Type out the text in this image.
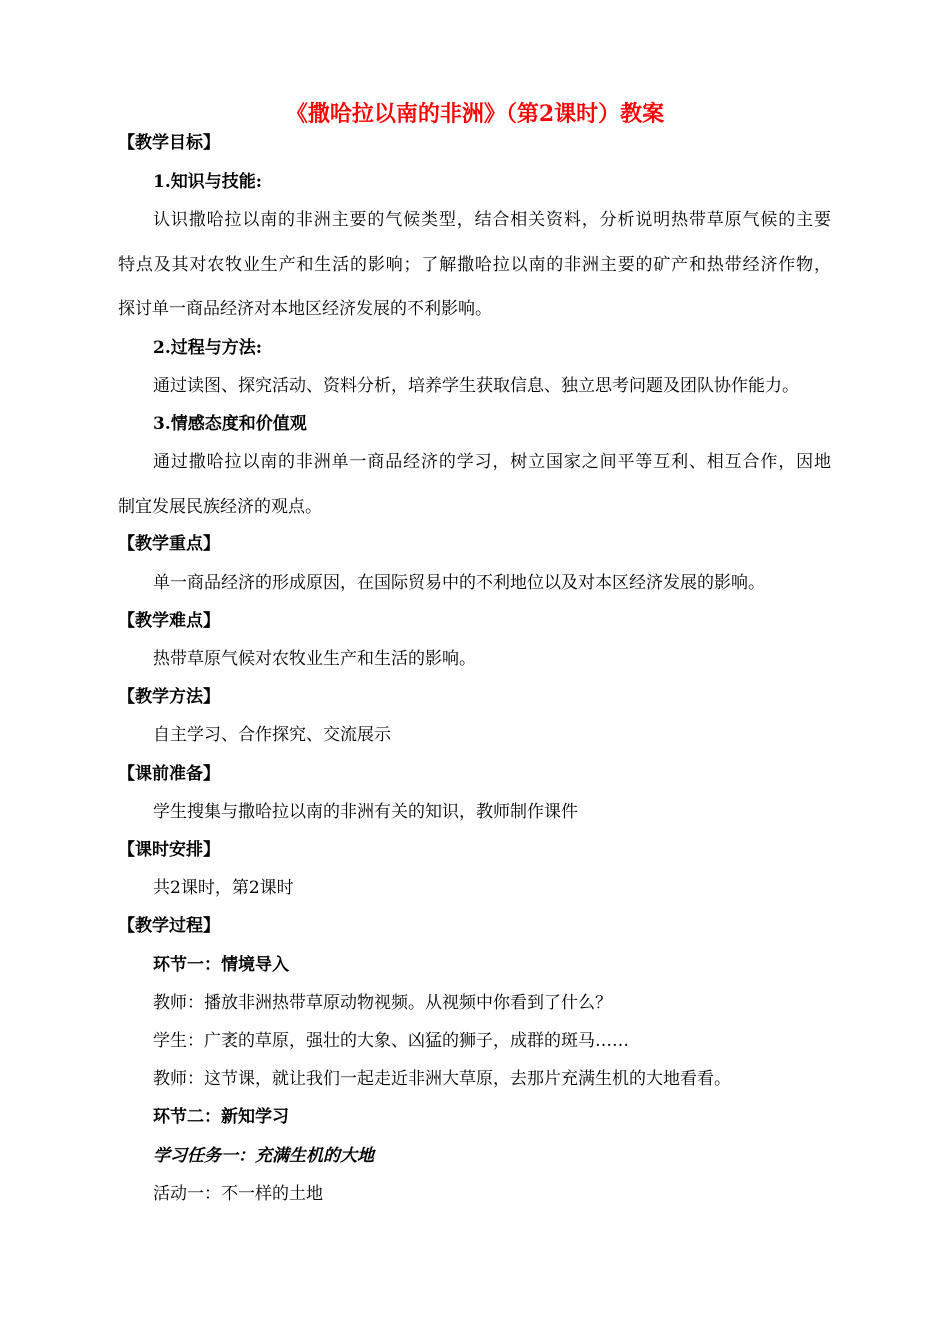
《撒哈拉以南的非洲》（第2课时）教案
【教学目标】
1.知识与技能:
认识撒哈拉以南的非洲主要的气候类型，结合相关资料，分析说明热带草原气候的主要
特点及其对农牧业生产和生活的影响；了解撒哈拉以南的非洲主要的矿产和热带经济作物，
探讨单一商品经济对本地区经济发展的不利影响。
2.过程与方法:
通过读图、探究活动、资料分析，培养学生获取信息、独立思考问题及团队协作能力。
3.情感态度和价值观
通过撒哈拉以南的非洲单一商品经济的学习，树立国家之间平等互利、相互合作，因地
制宜发展民族经济的观点。
【教学重点】
单一商品经济的形成原因，在国际贸易中的不利地位以及对本区经济发展的影响。
【教学难点】
热带草原气候对农牧业生产和生活的影响。
【教学方法】
自主学习、合作探究、交流展示
【课前准备】
学生搜集与撒哈拉以南的非洲有关的知识，教师制作课件
【课时安排】
共2课时，第2课时
【教学过程】
环节一：情境导入
教师：播放非洲热带草原动物视频。从视频中你看到了什么？
学生：广袤的草原，强壮的大象、凶猛的狮子，成群的斑马……
教师：这节课，就让我们一起走近非洲大草原，去那片充满生机的大地看看。
环节二：新知学习
学习任务一：充满生机的大地
活动一：不一样的土地
